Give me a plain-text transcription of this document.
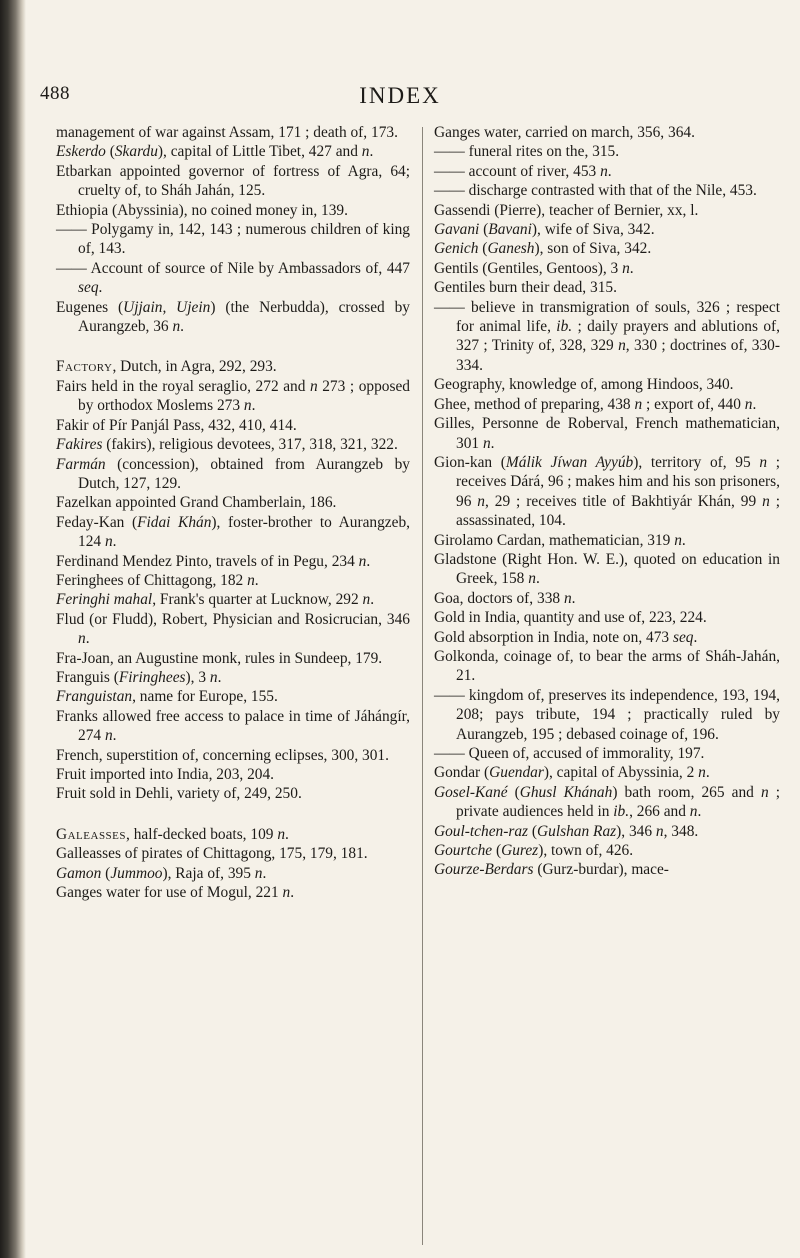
488	INDEX
management of war against Assam, 171 ; death of, 173.
Eskerdo (Skardu), capital of Little Tibet, 427 and n.
Etbarkan appointed governor of fortress of Agra, 64; cruelty of, to Sháh Jahán, 125.
Ethiopia (Abyssinia), no coined money in, 139.
—— Polygamy in, 142, 143 ; numerous children of king of, 143.
—— Account of source of Nile by Ambassadors of, 447 seq.
Eugenes (Ujjain, Ujein) (the Nerbudda), crossed by Aurangzeb, 36 n.
Factory, Dutch, in Agra, 292, 293.
Fairs held in the royal seraglio, 272 and n 273 ; opposed by orthodox Moslems 273 n.
Fakir of Pír Panjál Pass, 432, 410, 414.
Fakires (fakirs), religious devotees, 317, 318, 321, 322.
Farmán (concession), obtained from Aurangzeb by Dutch, 127, 129.
Fazelkan appointed Grand Chamberlain, 186.
Feday-Kan (Fidai Khán), foster-brother to Aurangzeb, 124 n.
Ferdinand Mendez Pinto, travels of in Pegu, 234 n.
Feringhees of Chittagong, 182 n.
Feringhi mahal, Frank's quarter at Lucknow, 292 n.
Flud (or Fludd), Robert, Physician and Rosicrucian, 346 n.
Fra-Joan, an Augustine monk, rules in Sundeep, 179.
Franguis (Firinghees), 3 n.
Franguistan, name for Europe, 155.
Franks allowed free access to palace in time of Jáhángír, 274 n.
French, superstition of, concerning eclipses, 300, 301.
Fruit imported into India, 203, 204.
Fruit sold in Dehli, variety of, 249, 250.
Galeasses, half-decked boats, 109 n.
Galleasses of pirates of Chittagong, 175, 179, 181.
Gamon (Jummoo), Raja of, 395 n.
Ganges water for use of Mogul, 221 n.
Ganges water, carried on march, 356, 364.
—— funeral rites on the, 315.
—— account of river, 453 n.
—— discharge contrasted with that of the Nile, 453.
Gassendi (Pierre), teacher of Bernier, xx, l.
Gavani (Bavani), wife of Siva, 342.
Genich (Ganesh), son of Siva, 342.
Gentils (Gentiles, Gentoos), 3 n.
Gentiles burn their dead, 315.
—— believe in transmigration of souls, 326 ; respect for animal life, ib. ; daily prayers and ablutions of, 327 ; Trinity of, 328, 329 n, 330 ; doctrines of, 330-334.
Geography, knowledge of, among Hindoos, 340.
Ghee, method of preparing, 438 n ; export of, 440 n.
Gilles, Personne de Roberval, French mathematician, 301 n.
Gion-kan (Málik Jíwan Ayyúb), territory of, 95 n ; receives Dárá, 96 ; makes him and his son prisoners, 96 n, 29 ; receives title of Bakhtiyár Khán, 99 n ; assassinated, 104.
Girolamo Cardan, mathematician, 319 n.
Gladstone (Right Hon. W. E.), quoted on education in Greek, 158 n.
Goa, doctors of, 338 n.
Gold in India, quantity and use of, 223, 224.
Gold absorption in India, note on, 473 seq.
Golkonda, coinage of, to bear the arms of Sháh-Jahán, 21.
—— kingdom of, preserves its independence, 193, 194, 208; pays tribute, 194 ; practically ruled by Aurangzeb, 195 ; debased coinage of, 196.
—— Queen of, accused of immorality, 197.
Gondar (Guendar), capital of Abyssinia, 2 n.
Gosel-Kané (Ghusl Khánah) bath room, 265 and n ; private audiences held in ib., 266 and n.
Goul-tchen-raz (Gulshan Raz), 346 n, 348.
Gourtche (Gurez), town of, 426.
Gourze-Berdars (Gurz-burdar), mace-
